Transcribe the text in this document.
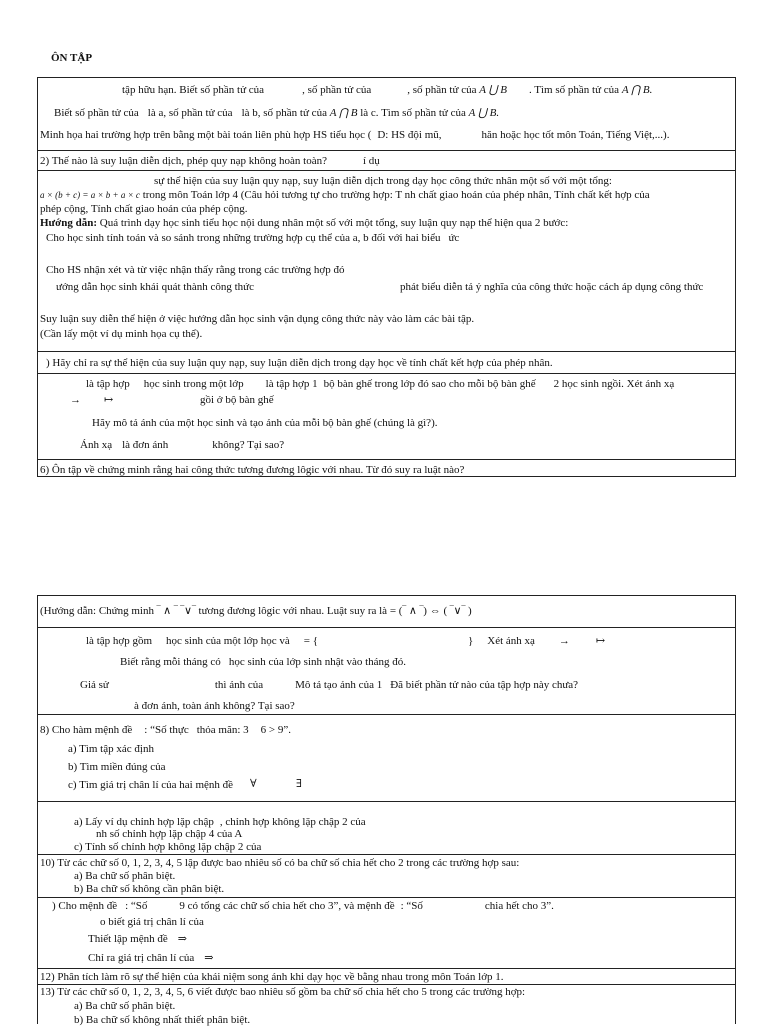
ÔN TẬP
tập hữu hạn. Biết số phần tử của	, số phần tử của	, số phần tử của A ⋃ B . Tìm số phần tử của A ⋂ B.
Biết số phần tử của là a, số phần tử của là b, số phần tử của A ⋂ B là c. Tìm số phần tử của A ⋃ B.
Minh họa hai trường hợp trên bằng một bài toán liên phù hợp HS tiểu học ( D: HS đội mũ,	hăn hoặc học tốt môn Toán, Tiếng Việt,...).
2) Thế nào là suy luận diễn dịch, phép quy nạp không hoàn toàn?	í dụ
sự thể hiện của suy luận quy nạp, suy luận diễn dịch trong dạy học công thức nhân một số với một tổng:
a × (b + c) = a × b + a × c trong môn Toán lớp 4 (Câu hỏi tương tự cho trường hợp: T nh chất giao hoán của phép nhân, Tính chất kết hợp của
phép cộng, Tính chất giao hoán của phép cộng.
Hướng dẫn: Quá trình dạy học sinh tiểu học nội dung nhân một số với một tổng, suy luận quy nạp thể hiện qua 2 bước:
Cho học sinh tính toán và so sánh trong những trường hợp cụ thể của a, b đối với hai biểu ức
Cho HS nhận xét và từ việc nhận thấy rằng trong các trường hợp đó
ướng dẫn học sinh khái quát thành công thức	phát biểu diễn tả ý nghĩa của công thức hoặc cách áp dụng công thức
Suy luận suy diễn thể hiện ở việc hướng dẫn học sinh vận dụng công thức này vào làm các bài tập.
(Cần lấy một ví dụ minh họa cụ thể).
) Hãy chỉ ra sự thể hiện của suy luận quy nạp, suy luận diễn dịch trong dạy học về tính chất kết hợp của phép nhân.
là tập hợp học sinh trong một lớp là tập hợp 1 bộ bàn ghế trong lớp đó sao cho mỗi bộ bàn ghế 2 học sinh ngồi. Xét ánh xạ
→ ↦	gồi ở bộ bàn ghế
Hãy mô tả ánh của một học sinh và tạo ảnh của mỗi bộ bàn ghế (chúng là gì?).
Ánh xạ là đơn ánh	không? Tại sao?
6) Ôn tập về chứng minh rằng hai công thức tương đương lôgic với nhau. Từ đó suy ra luật nào?
(Hướng dẫn: Chứng minh ‾ ∧ ‾ ‾∨‾ tương đương lôgic với nhau. Luật suy ra là = (‾ ∧ ‾) ⇔ ( ‾∨‾ )
là tập hợp gồm học sinh của một lớp học và = {	} Xét ánh xạ → ↦
Biết rằng mỗi tháng có học sinh của lớp sinh nhật vào tháng đó.
Giả sử	thì ảnh của	Mô tả tạo ảnh của 1 Đã biết phần tử nào của tập hợp này chưa?
à đơn ánh, toàn ánh không? Tại sao?
8) Cho hàm mệnh đề : “Số thực thỏa mãn: 3 6 > 9”.
a) Tìm tập xác định
b) Tìm miền đúng của
c) Tìm giá trị chân lí của hai mệnh đề ∀	∃
a) Lấy ví dụ chỉnh hợp lặp chập , chỉnh hợp không lặp chập 2 của
nh số chỉnh hợp lặp chập 4 của A
c) Tính số chỉnh hợp không lặp chập 2 của
10) Từ các chữ số 0, 1, 2, 3, 4, 5 lập được bao nhiêu số có ba chữ số chia hết cho 2 trong các trường hợp sau:
a) Ba chữ số phân biệt.
b) Ba chữ số không cần phân biệt.
) Cho mệnh đề : “Số	9 có tổng các chữ số chia hết cho 3”, và mệnh đề : “Số	chia hết cho 3”.
o biết giá trị chân lí của
Thiết lập mệnh đề ⇒
Chỉ ra giá trị chân lí của ⇒
12) Phân tích làm rõ sự thể hiện của khái niệm song ánh khi dạy học về bằng nhau trong môn Toán lớp 1.
13) Từ các chữ số 0, 1, 2, 3, 4, 5, 6 viết được bao nhiêu số gồm ba chữ số chia hết cho 5 trong các trường hợp:
a) Ba chữ số phân biệt.
b) Ba chữ số không nhất thiết phân biệt.
